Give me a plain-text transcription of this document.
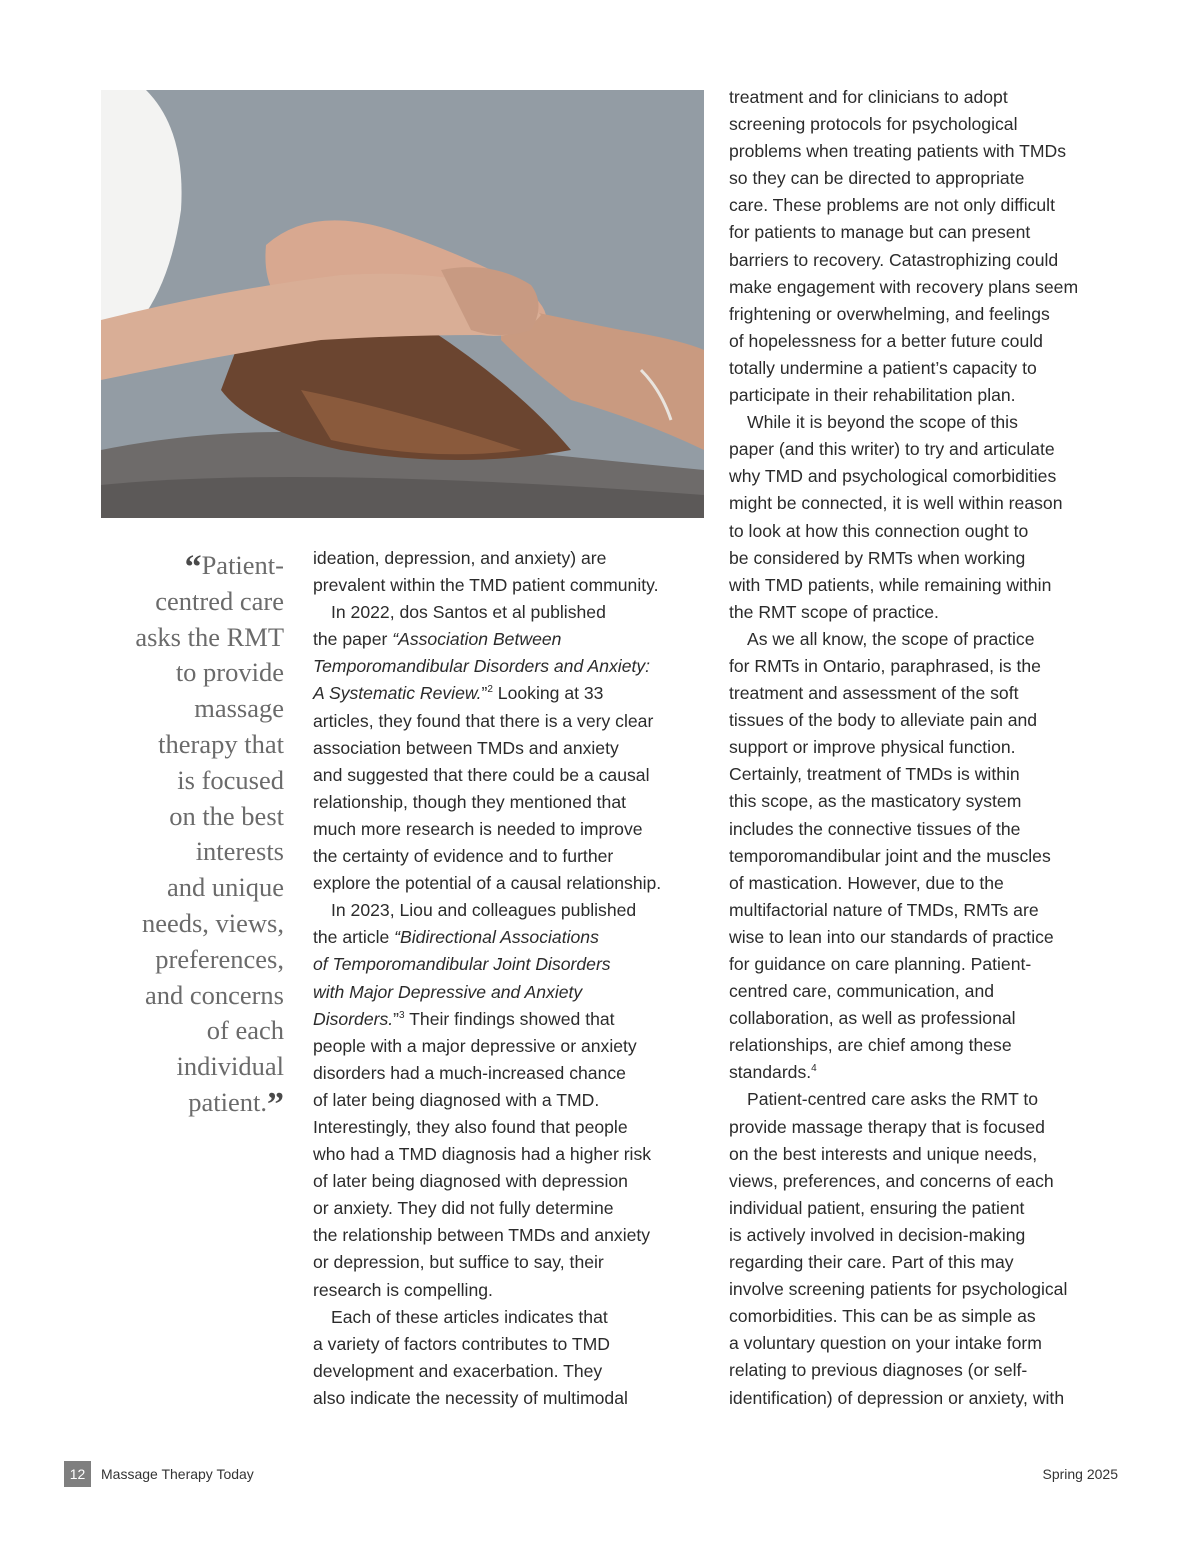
“Patient-
centred care
asks the RMT
to provide
massage
therapy that
is focused
on the best
interests
and unique
needs, views,
preferences,
and concerns
of each
individual
patient.”
ideation, depression, and anxiety) are
prevalent within the TMD patient community.
In 2022, dos Santos et al published
the paper “Association Between
Temporomandibular Disorders and Anxiety:
A Systematic Review.”$^2$ Looking at 33
articles, they found that there is a very clear
association between TMDs and anxiety
and suggested that there could be a causal
relationship, though they mentioned that
much more research is needed to improve
the certainty of evidence and to further
explore the potential of a causal relationship.
In 2023, Liou and colleagues published
the article “Bidirectional Associations
of Temporomandibular Joint Disorders
with Major Depressive and Anxiety
Disorders.”$^3$ Their findings showed that
people with a major depressive or anxiety
disorders had a much-increased chance
of later being diagnosed with a TMD.
Interestingly, they also found that people
who had a TMD diagnosis had a higher risk
of later being diagnosed with depression
or anxiety. They did not fully determine
the relationship between TMDs and anxiety
or depression, but suffice to say, their
research is compelling.
Each of these articles indicates that
a variety of factors contributes to TMD
development and exacerbation. They
also indicate the necessity of multimodal
treatment and for clinicians to adopt
screening protocols for psychological
problems when treating patients with TMDs
so they can be directed to appropriate
care. These problems are not only difficult
for patients to manage but can present
barriers to recovery. Catastrophizing could
make engagement with recovery plans seem
frightening or overwhelming, and feelings
of hopelessness for a better future could
totally undermine a patient’s capacity to
participate in their rehabilitation plan.
While it is beyond the scope of this
paper (and this writer) to try and articulate
why TMD and psychological comorbidities
might be connected, it is well within reason
to look at how this connection ought to
be considered by RMTs when working
with TMD patients, while remaining within
the RMT scope of practice.
As we all know, the scope of practice
for RMTs in Ontario, paraphrased, is the
treatment and assessment of the soft
tissues of the body to alleviate pain and
support or improve physical function.
Certainly, treatment of TMDs is within
this scope, as the masticatory system
includes the connective tissues of the
temporomandibular joint and the muscles
of mastication. However, due to the
multifactorial nature of TMDs, RMTs are
wise to lean into our standards of practice
for guidance on care planning. Patient-
centred care, communication, and
collaboration, as well as professional
relationships, are chief among these
standards.$^4$
Patient-centred care asks the RMT to
provide massage therapy that is focused
on the best interests and unique needs,
views, preferences, and concerns of each
individual patient, ensuring the patient
is actively involved in decision-making
regarding their care. Part of this may
involve screening patients for psychological
comorbidities. This can be as simple as
a voluntary question on your intake form
relating to previous diagnoses (or self-
identification) of depression or anxiety, with
12	Massage Therapy Today	Spring 2025
